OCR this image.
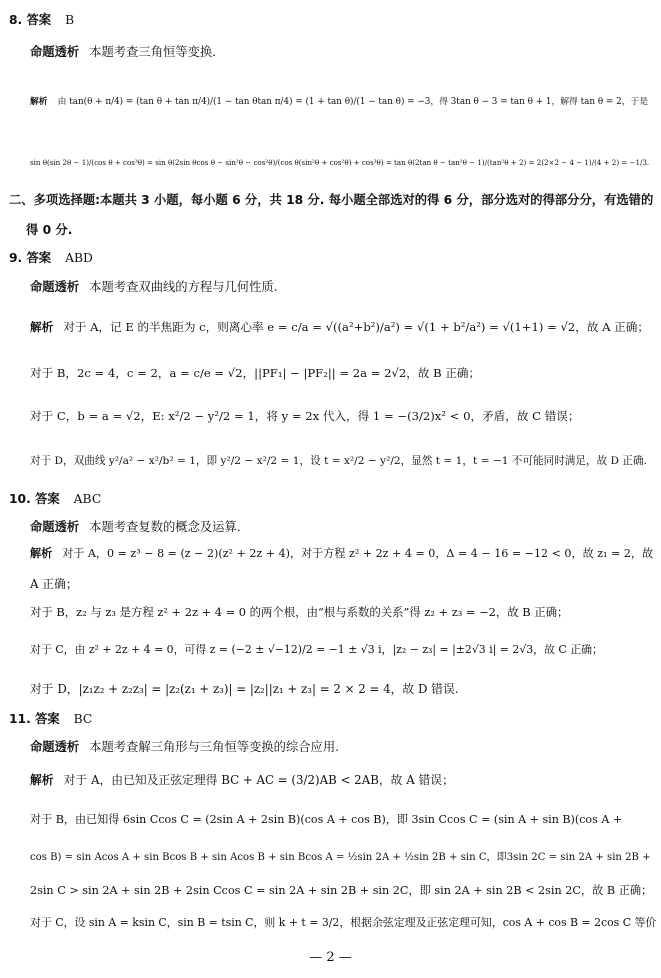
8. 答案 B
命题透析 本题考查三角恒等变换.
解析 由 tan(θ + π/4) = (tan θ + tan π/4)/(1 − tan θtan π/4) = (1 + tan θ)/(1 − tan θ) = −3，得 3tan θ − 3 = tan θ + 1，解得 tan θ = 2，于是
sin θ(sin 2θ − 1)/(cos θ + cos³θ) = sin θ(2sin θcos θ − sin²θ − cos²θ)/(cos θ(sin²θ + cos²θ) + cos³θ) = tan θ(2tan θ − tan²θ − 1)/(tan²θ + 2) = 2(2×2 − 4 − 1)/(4 + 2) = −1/3.
二、多项选择题:本题共 3 小题，每小题 6 分，共 18 分. 每小题全部选对的得 6 分，部分选对的得部分分，有选错的
得 0 分.
9. 答案 ABD
命题透析 本题考查双曲线的方程与几何性质.
解析 对于 A，记 E 的半焦距为 c，则离心率 e = c/a = √((a²+b²)/a²) = √(1 + b²/a²) = √(1+1) = √2，故 A 正确；
对于 B，2c = 4，c = 2，a = c/e = √2，||PF₁| − |PF₂|| = 2a = 2√2，故 B 正确；
对于 C，b = a = √2，E: x²/2 − y²/2 = 1，将 y = 2x 代入，得 1 = −(3/2)x² < 0，矛盾，故 C 错误；
对于 D，双曲线 y²/a² − x²/b² = 1，即 y²/2 − x²/2 = 1，设 t = x²/2 − y²/2，显然 t = 1，t = −1 不可能同时满足，故 D 正确.
10. 答案 ABC
命题透析 本题考查复数的概念及运算.
解析 对于 A，0 = z³ − 8 = (z − 2)(z² + 2z + 4)，对于方程 z² + 2z + 4 = 0，Δ = 4 − 16 = −12 < 0，故 z₁ = 2，故
A 正确；
对于 B，z₂ 与 z₃ 是方程 z² + 2z + 4 = 0 的两个根，由“根与系数的关系”得 z₂ + z₃ = −2，故 B 正确；
对于 C，由 z² + 2z + 4 = 0，可得 z = (−2 ± √−12)/2 = −1 ± √3 i，|z₂ − z₃| = |±2√3 i| = 2√3，故 C 正确；
对于 D，|z₁z₂ + z₂z₃| = |z₂(z₁ + z₃)| = |z₂||z₁ + z₃| = 2 × 2 = 4，故 D 错误.
11. 答案 BC
命题透析 本题考查解三角形与三角恒等变换的综合应用.
解析 对于 A，由已知及正弦定理得 BC + AC = (3/2)AB < 2AB，故 A 错误；
对于 B，由已知得 6sin Ccos C = (2sin A + 2sin B)(cos A + cos B)，即 3sin Ccos C = (sin A + sin B)(cos A +
cos B) = sin Acos A + sin Bcos B + sin Acos B + sin Bcos A = ½sin 2A + ½sin 2B + sin C，即3sin 2C = sin 2A + sin 2B +
2sin C > sin 2A + sin 2B + 2sin Ccos C = sin 2A + sin 2B + sin 2C，即 sin 2A + sin 2B < 2sin 2C，故 B 正确；
对于 C，设 sin A = ksin C，sin B = tsin C，则 k + t = 3/2，根据余弦定理及正弦定理可知，cos A + cos B = 2cos C 等价
— 2 —
